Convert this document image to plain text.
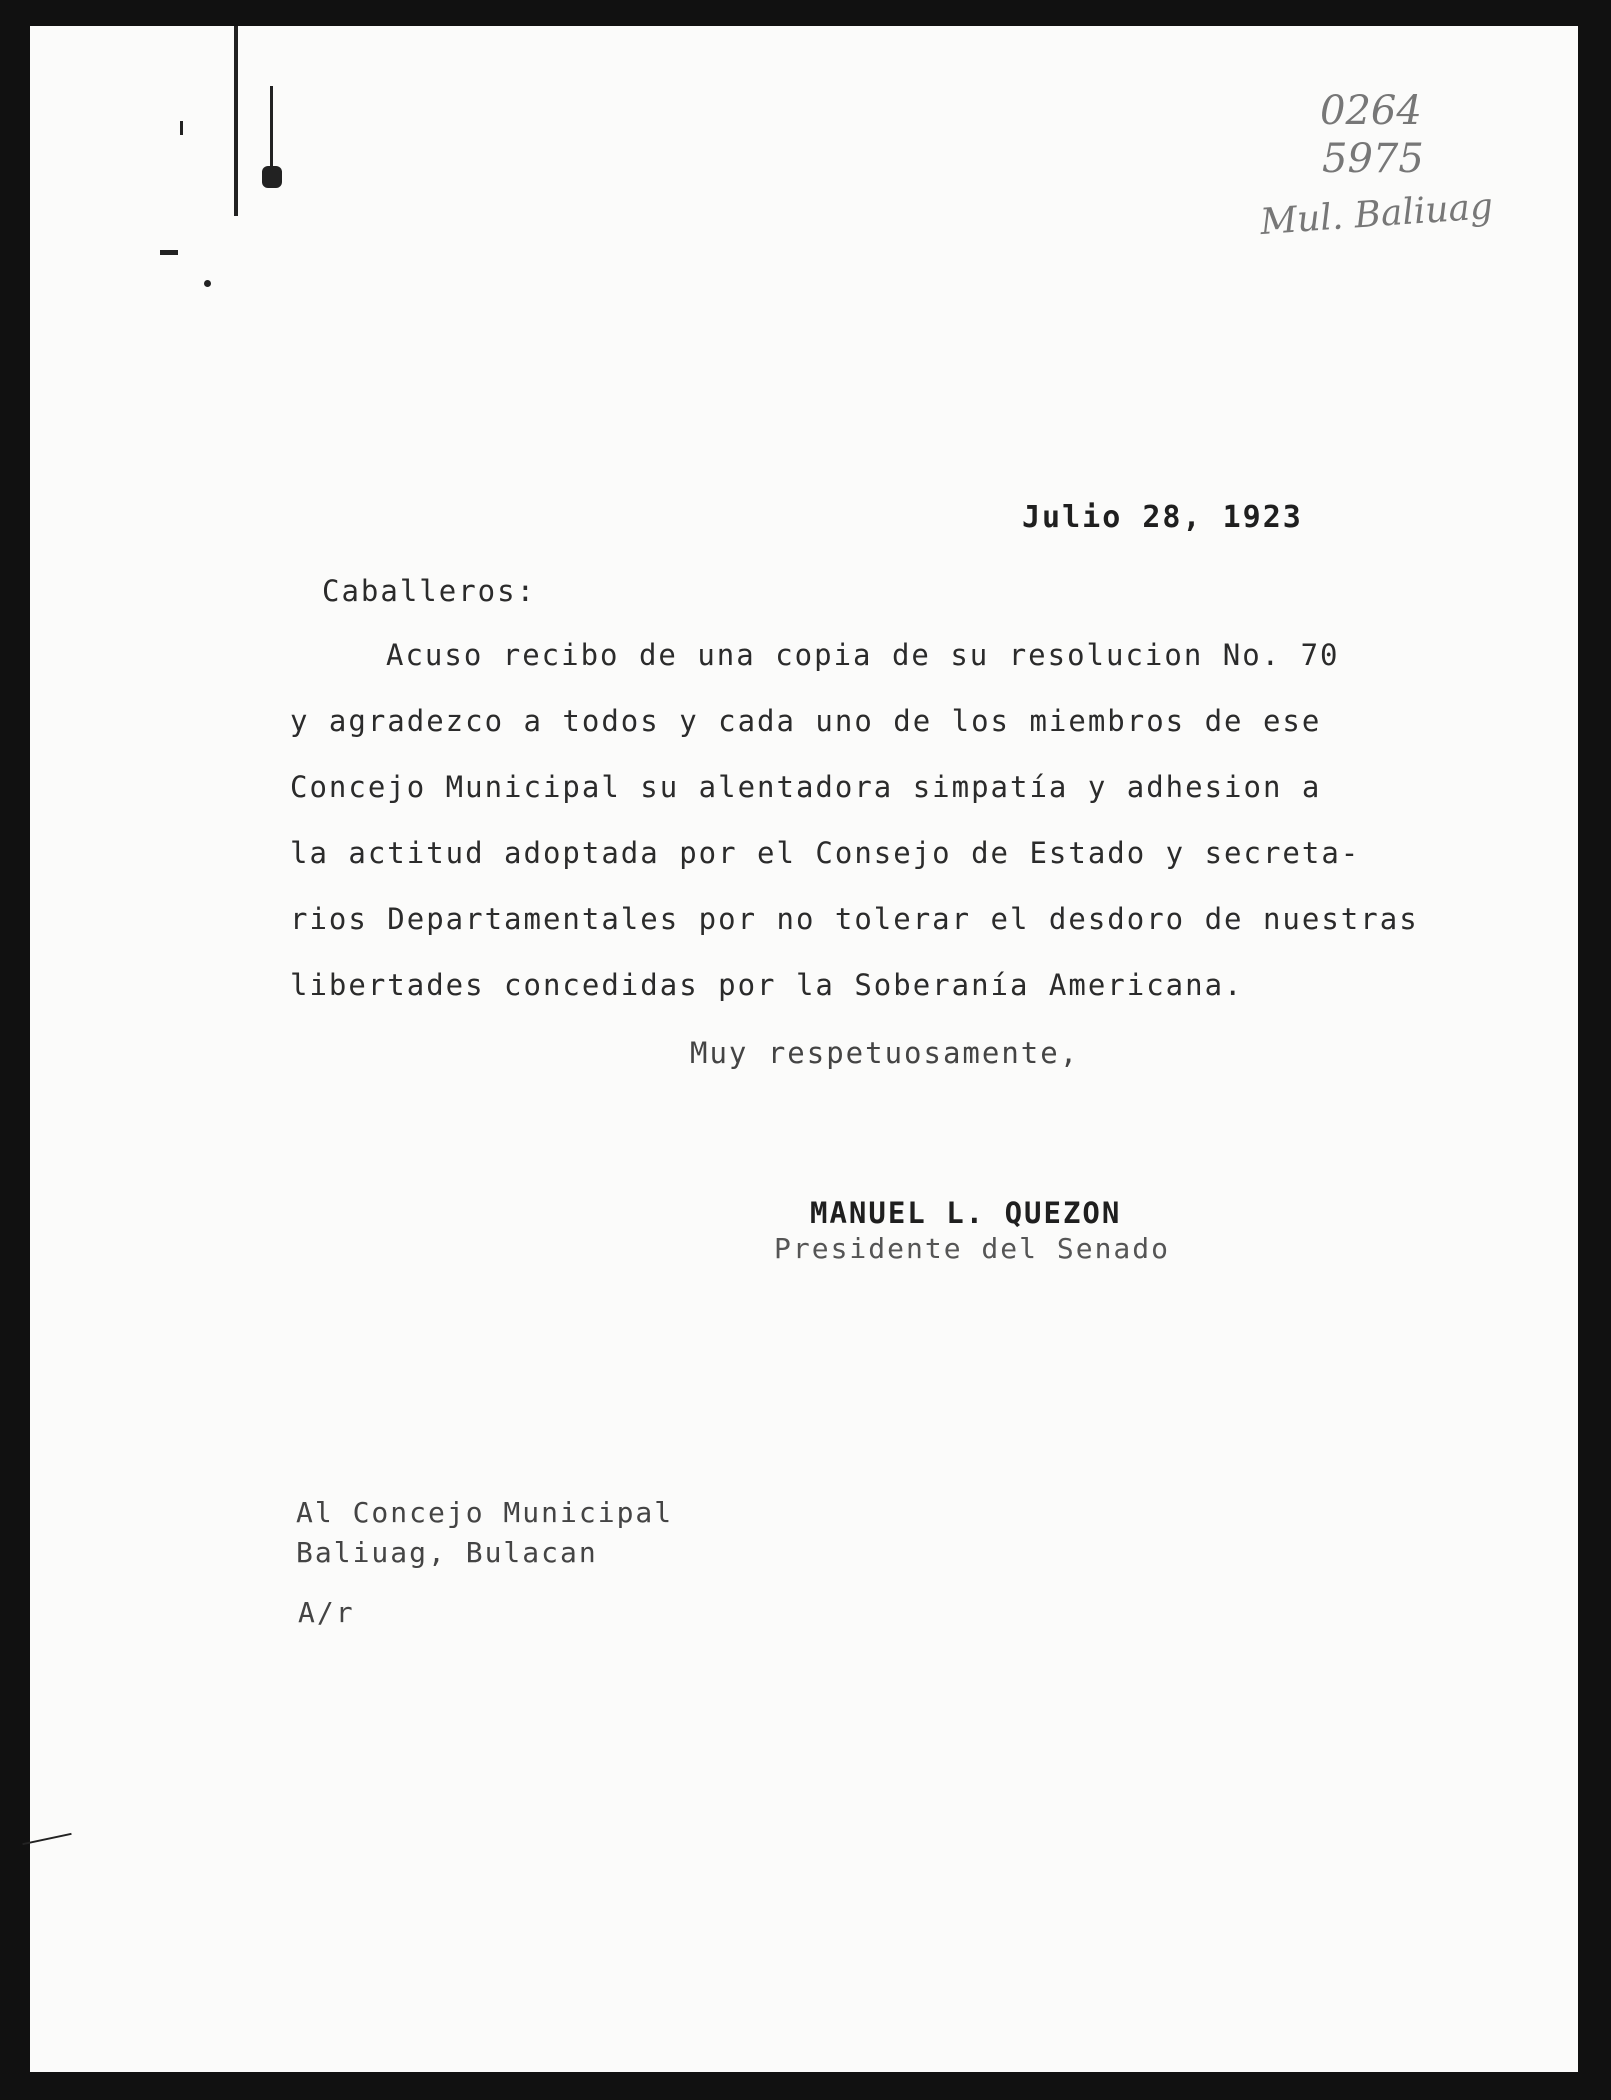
0264
5975
Mul. Baliuag
Julio 28, 1923
Caballeros:
Acuso recibo de una copia de su resolucion No. 70
y agradezco a todos y cada uno de los miembros de ese
Concejo Municipal su alentadora simpatía y adhesion a
la actitud adoptada por el Consejo de Estado y secreta-
rios Departamentales por no tolerar el desdoro de nuestras
libertades concedidas por la Soberanía Americana.
Muy respetuosamente,
MANUEL L. QUEZON
Presidente del Senado
Al Concejo Municipal
Baliuag, Bulacan
A/r
